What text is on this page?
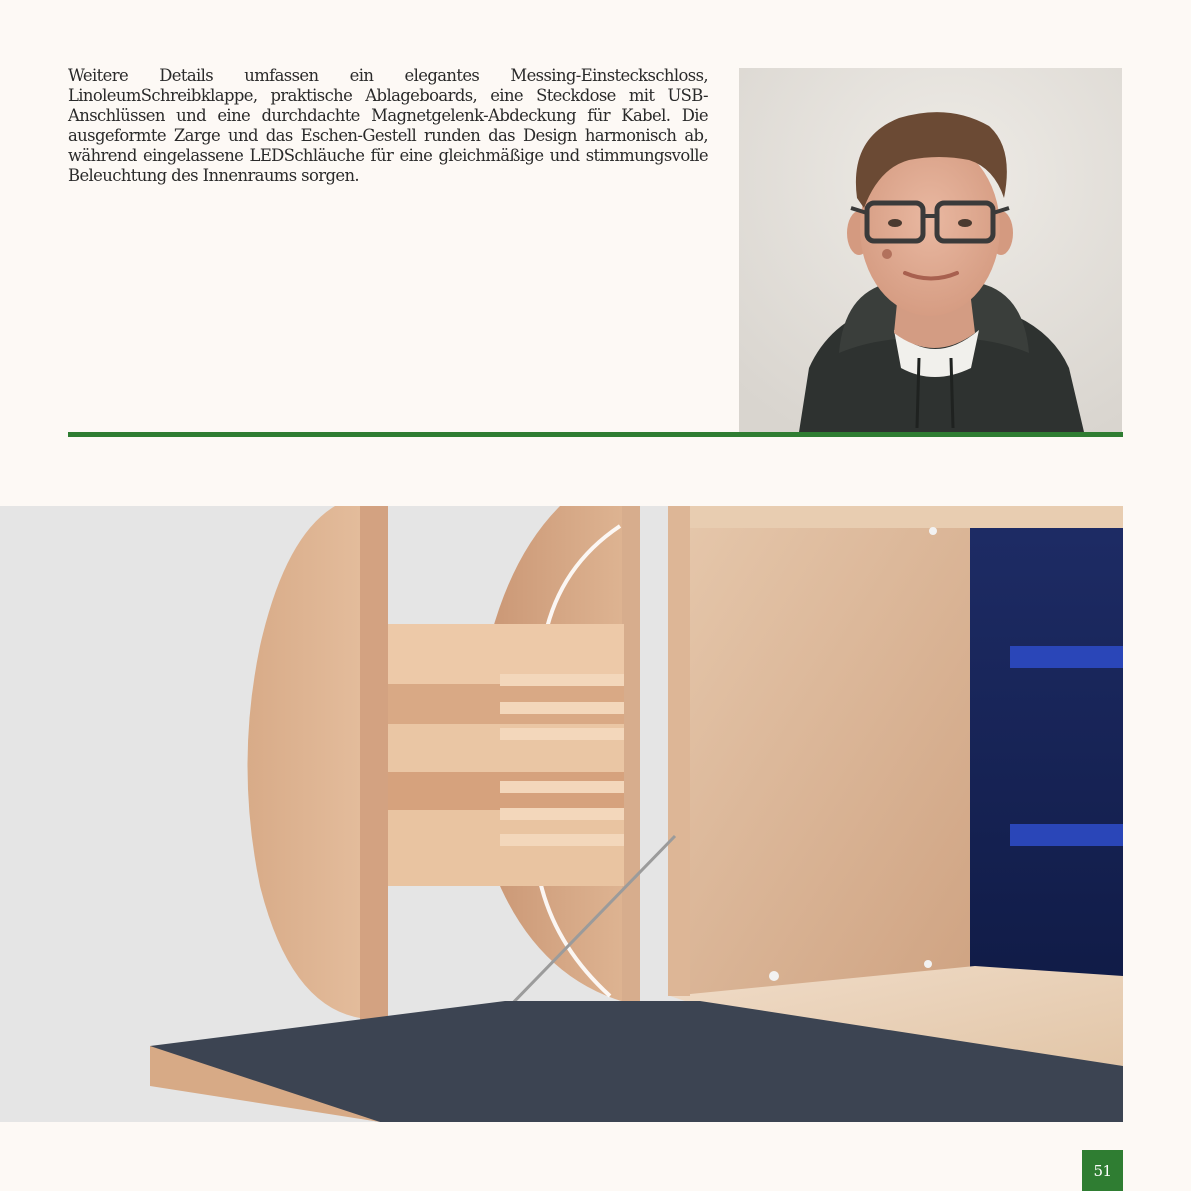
Weitere Details umfassen ein elegantes Messing-Einsteckschloss, LinoleumSchreibklappe, praktische Ablageboards, eine Steckdose mit USB-Anschlüssen und eine durchdachte Magnetgelenk-Abdeckung für Kabel. Die ausgeformte Zarge und das Eschen-Gestell runden das Design harmonisch ab, während eingelassene LEDSchläuche für eine gleichmäßige und stimmungsvolle Beleuchtung des Innenraums sorgen.

51
